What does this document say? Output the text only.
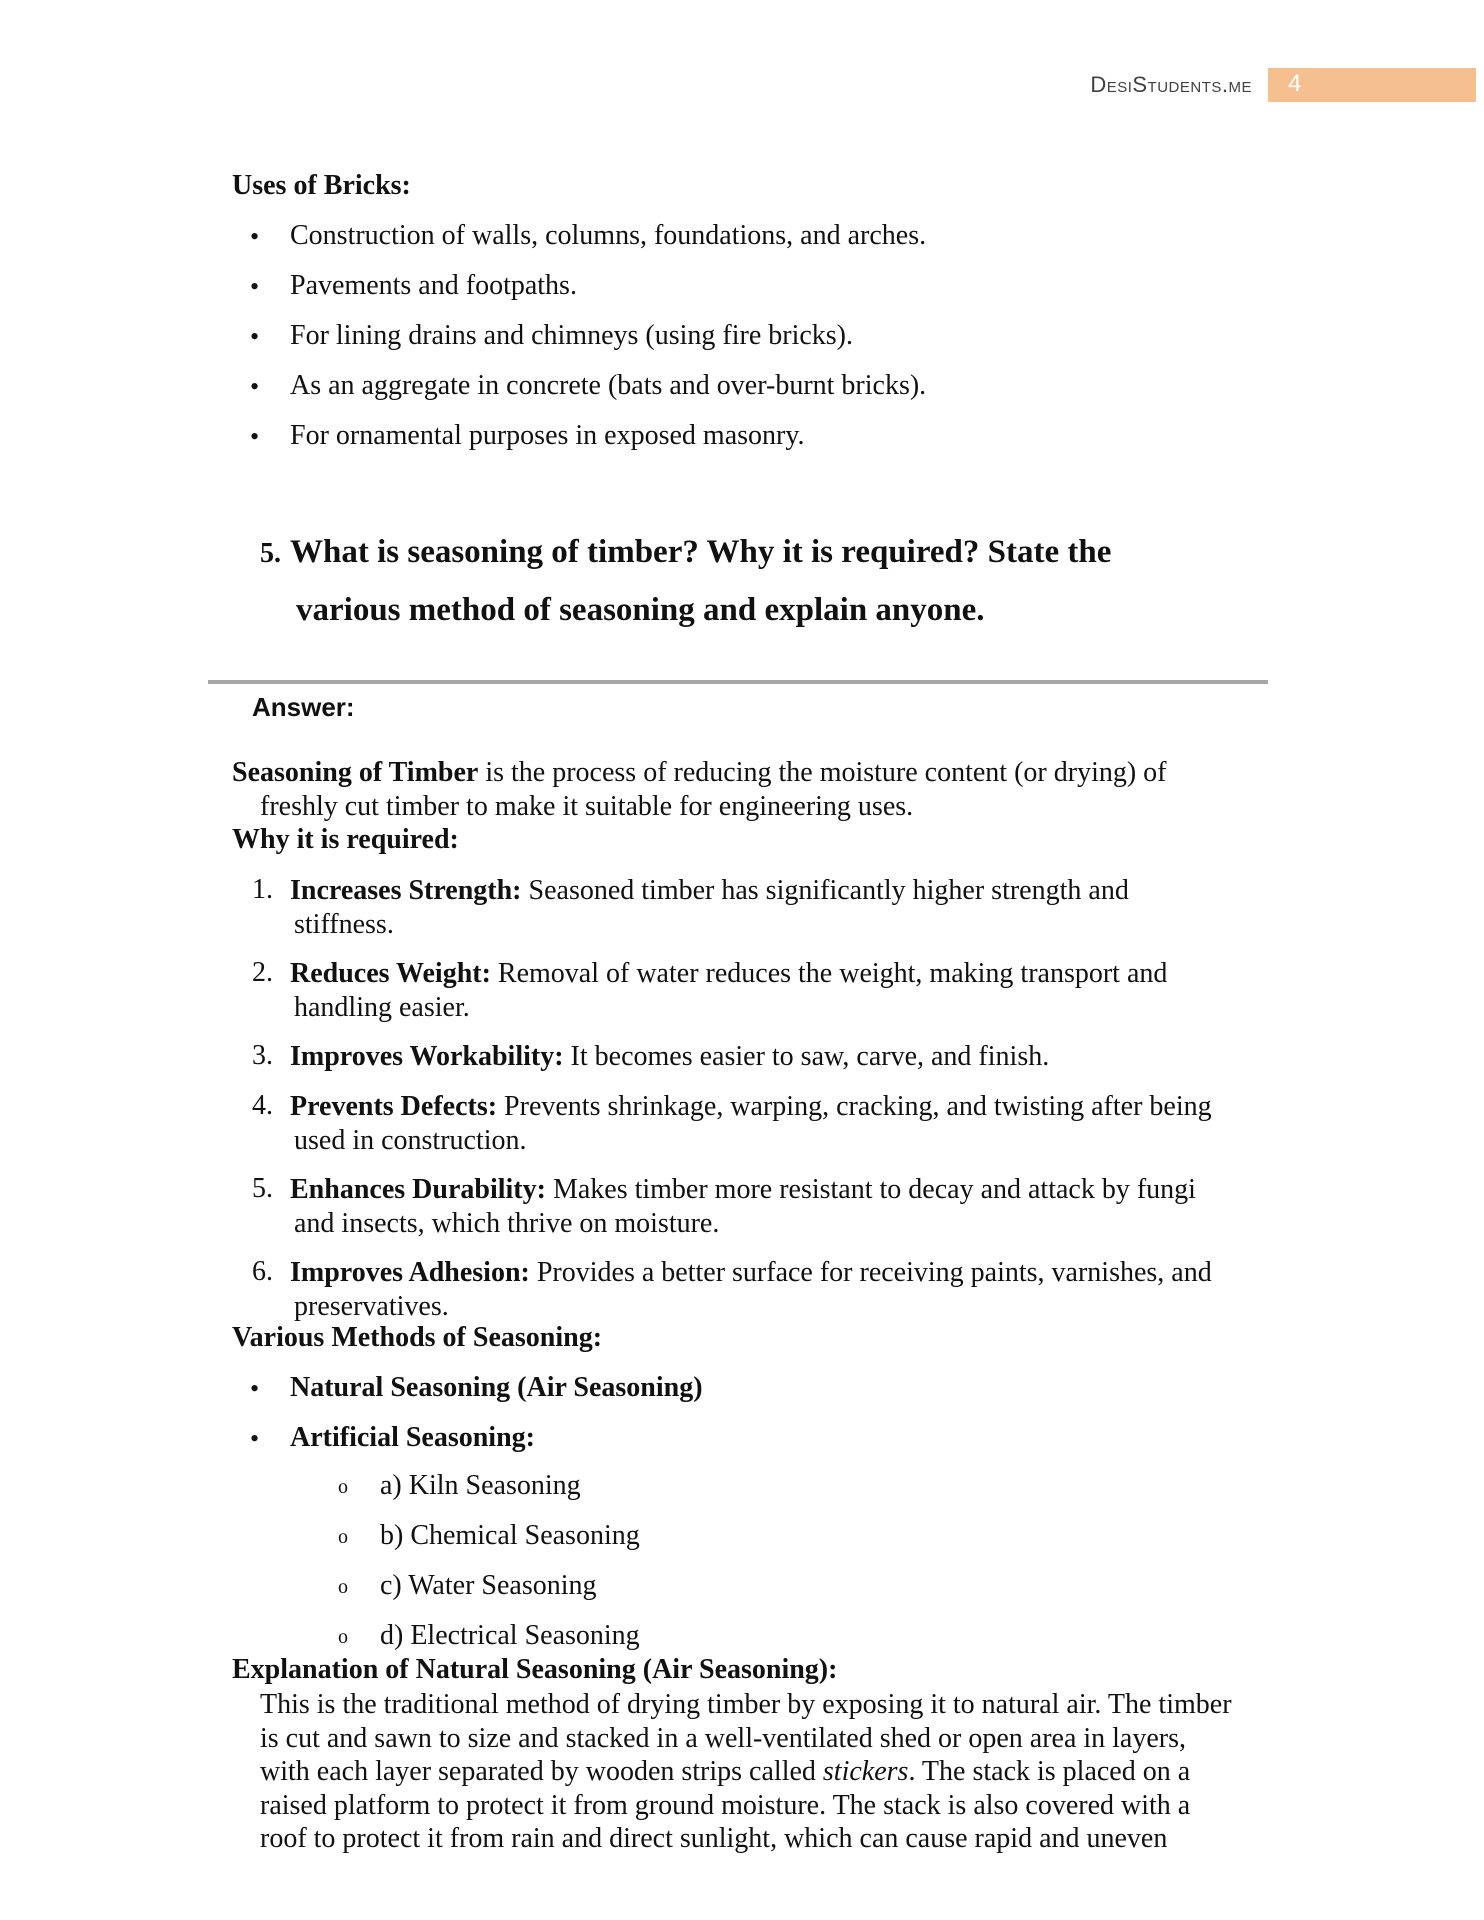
DesiStudents.me 4
Uses of Bricks:
• Construction of walls, columns, foundations, and arches.
• Pavements and footpaths.
• For lining drains and chimneys (using fire bricks).
• As an aggregate in concrete (bats and over-burnt bricks).
• For ornamental purposes in exposed masonry.
5. What is seasoning of timber? Why it is required? State the
various method of seasoning and explain anyone.
Answer:
Seasoning of Timber is the process of reducing the moisture content (or drying) of
freshly cut timber to make it suitable for engineering uses.
Why it is required:
1. Increases Strength: Seasoned timber has significantly higher strength and
stiffness.
2. Reduces Weight: Removal of water reduces the weight, making transport and
handling easier.
3. Improves Workability: It becomes easier to saw, carve, and finish.
4. Prevents Defects: Prevents shrinkage, warping, cracking, and twisting after being
used in construction.
5. Enhances Durability: Makes timber more resistant to decay and attack by fungi
and insects, which thrive on moisture.
6. Improves Adhesion: Provides a better surface for receiving paints, varnishes, and
preservatives.
Various Methods of Seasoning:
• Natural Seasoning (Air Seasoning)
• Artificial Seasoning:
o a) Kiln Seasoning
o b) Chemical Seasoning
o c) Water Seasoning
o d) Electrical Seasoning
Explanation of Natural Seasoning (Air Seasoning):
This is the traditional method of drying timber by exposing it to natural air. The timber
is cut and sawn to size and stacked in a well-ventilated shed or open area in layers,
with each layer separated by wooden strips called stickers. The stack is placed on a
raised platform to protect it from ground moisture. The stack is also covered with a
roof to protect it from rain and direct sunlight, which can cause rapid and uneven
